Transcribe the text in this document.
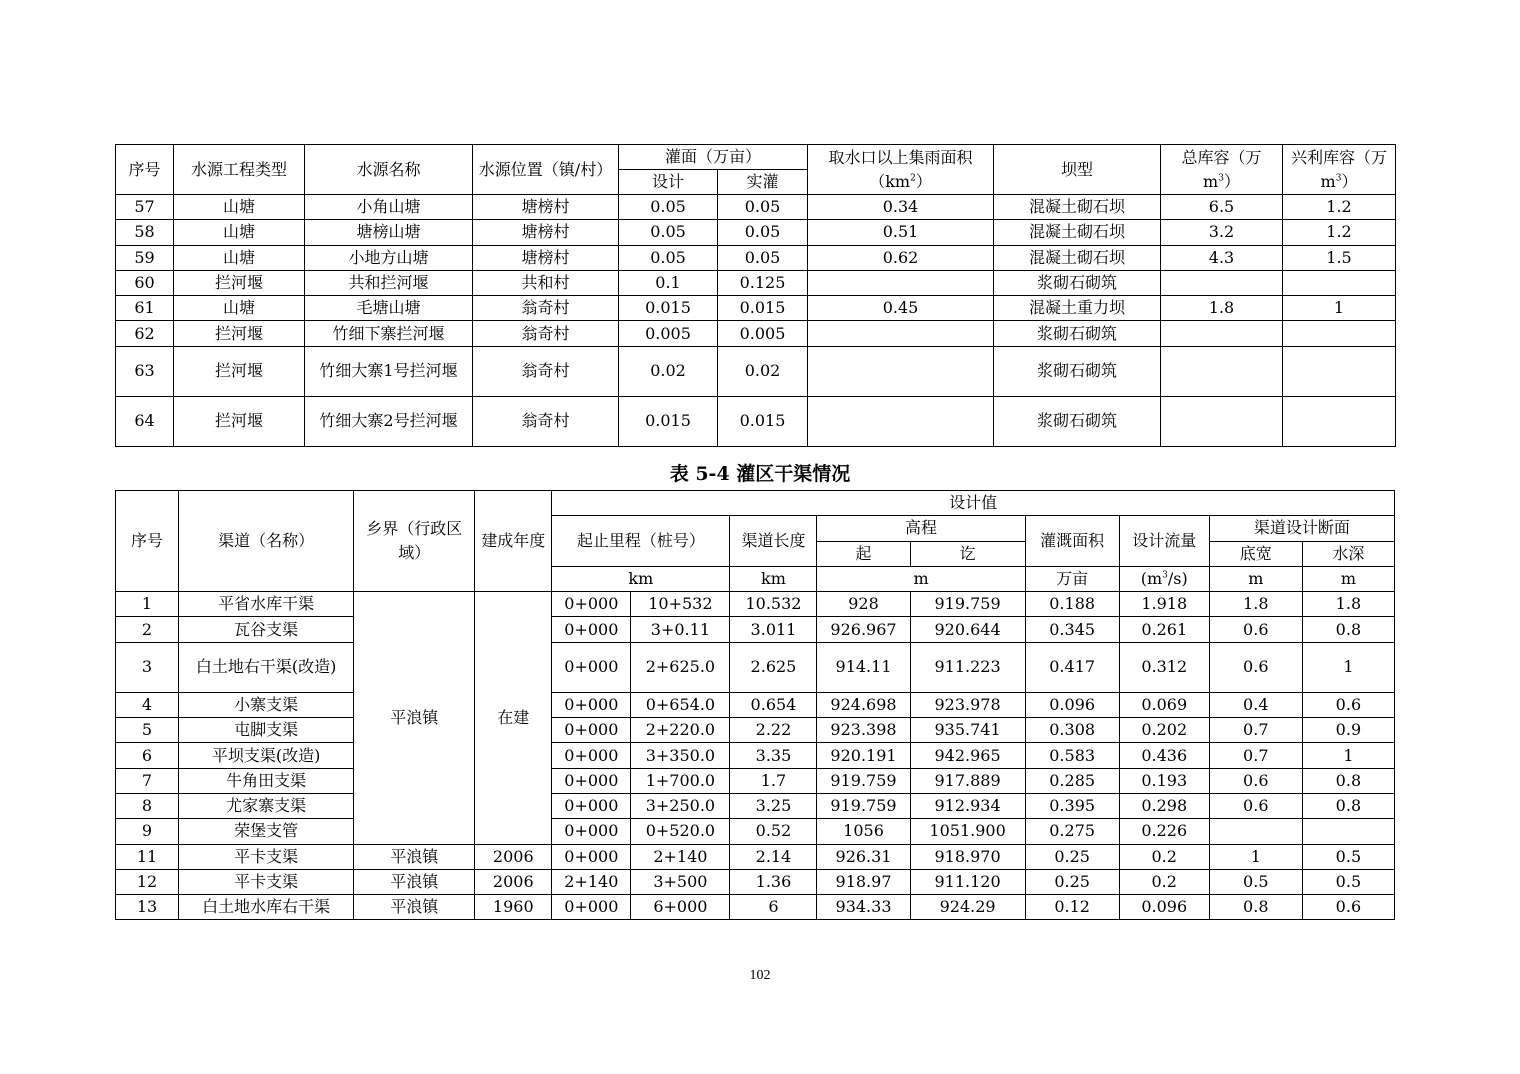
序号	水源工程类型	水源名称	水源位置（镇/村）	灌面（万亩）		取水口以上集雨面积$(km^2)$	坝型	总库容（万 $m^3$）	兴利库容（万 $m^3$）
				设计	实灌				
57	山塘	小角山塘	塘榜村	0.05	0.05	0.34	混凝土砌石坝	6.5	1.2
58	山塘	塘榜山塘	塘榜村	0.05	0.05	0.51	混凝土砌石坝	3.2	1.2
59	山塘	小地方山塘	塘榜村	0.05	0.05	0.62	混凝土砌石坝	4.3	1.5
60	拦河堰	共和拦河堰	共和村	0.1	0.125		浆砌石砌筑		
61	山塘	毛塘山塘	翁奇村	0.015	0.015	0.45	混凝土重力坝	1.8	1
62	拦河堰	竹细下寨拦河堰	翁奇村	0.005	0.005		浆砌石砌筑		
63	拦河堰	竹细大寨1号拦河堰	翁奇村	0.02	0.02		浆砌石砌筑		
64	拦河堰	竹细大寨2号拦河堰	翁奇村	0.015	0.015		浆砌石砌筑		
表 5-4 灌区干渠情况
序号	渠道（名称）	乡界（行政区域）	建成年度	设计值								
				起止里程（桩号）		渠道长度	高程		灌溉面积	设计流量	渠道设计断面	
							起	讫			底宽	水深
				km		km	m		万亩	$(m^3/s)$	m	m
1	平省水库干渠	平浪镇	在建	0+000	10+532	10.532	928	919.759	0.188	1.918	1.8	1.8
2	瓦谷支渠			0+000	3+0.11	3.011	926.967	920.644	0.345	0.261	0.6	0.8
3	白土地右干渠(改造)			0+000	2+625.0	2.625	914.11	911.223	0.417	0.312	0.6	1
4	小寨支渠			0+000	0+654.0	0.654	924.698	923.978	0.096	0.069	0.4	0.6
5	屯脚支渠			0+000	2+220.0	2.22	923.398	935.741	0.308	0.202	0.7	0.9
6	平坝支渠(改造)			0+000	3+350.0	3.35	920.191	942.965	0.583	0.436	0.7	1
7	牛角田支渠			0+000	1+700.0	1.7	919.759	917.889	0.285	0.193	0.6	0.8
8	尤家寨支渠			0+000	3+250.0	3.25	919.759	912.934	0.395	0.298	0.6	0.8
9	荣堡支管			0+000	0+520.0	0.52	1056	1051.900	0.275	0.226		
11	平卡支渠	平浪镇	2006	0+000	2+140	2.14	926.31	918.970	0.25	0.2	1	0.5
12	平卡支渠	平浪镇	2006	2+140	3+500	1.36	918.97	911.120	0.25	0.2	0.5	0.5
13	白土地水库右干渠	平浪镇	1960	0+000	6+000	6	934.33	924.29	0.12	0.096	0.8	0.6
102
